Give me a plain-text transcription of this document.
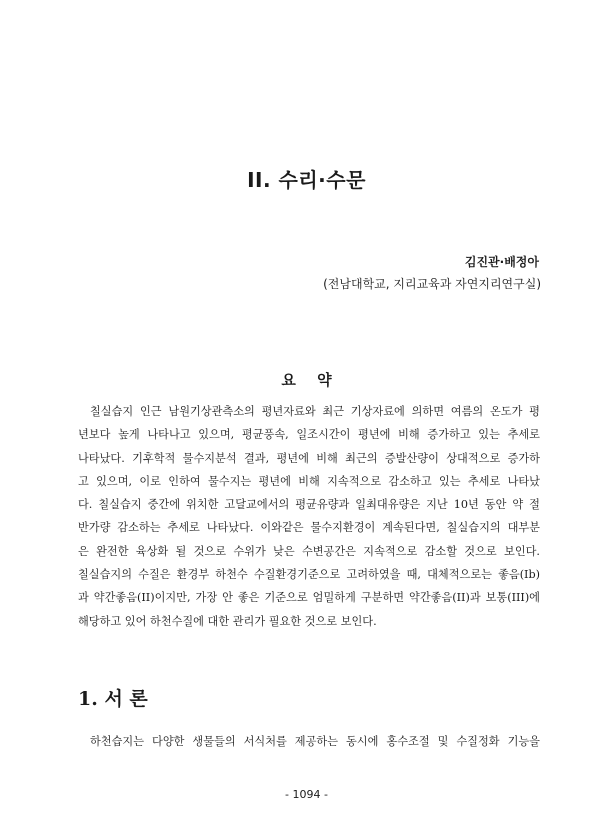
II. 수리·수문
김진관·배정아
(전남대학교, 지리교육과 자연지리연구실)
요 약
칠실습지 인근 남원기상관측소의 평년자료와 최근 기상자료에 의하면 여름의 온도가 평
년보다 높게 나타나고 있으며, 평균풍속, 일조시간이 평년에 비해 증가하고 있는 추세로
나타났다. 기후학적 물수지분석 결과, 평년에 비해 최근의 증발산량이 상대적으로 증가하
고 있으며, 이로 인하여 물수지는 평년에 비해 지속적으로 감소하고 있는 추세로 나타났
다. 칠실습지 중간에 위치한 고달교에서의 평균유량과 일최대유량은 지난 10년 동안 약 절
반가량 감소하는 추세로 나타났다. 이와같은 물수지환경이 계속된다면, 칠실습지의 대부분
은 완전한 육상화 될 것으로 수위가 낮은 수변공간은 지속적으로 감소할 것으로 보인다.
칠실습지의 수질은 환경부 하천수 수질환경기준으로 고려하였을 때, 대체적으로는 좋음(Ib)
과 약간좋음(II)이지만, 가장 안 좋은 기준으로 엄밀하게 구분하면 약간좋음(II)과 보통(III)에
해당하고 있어 하천수질에 대한 관리가 필요한 것으로 보인다.
1. 서 론
하천습지는 다양한 생물들의 서식처를 제공하는 동시에 홍수조절 및 수질정화 기능을
- 1094 -
